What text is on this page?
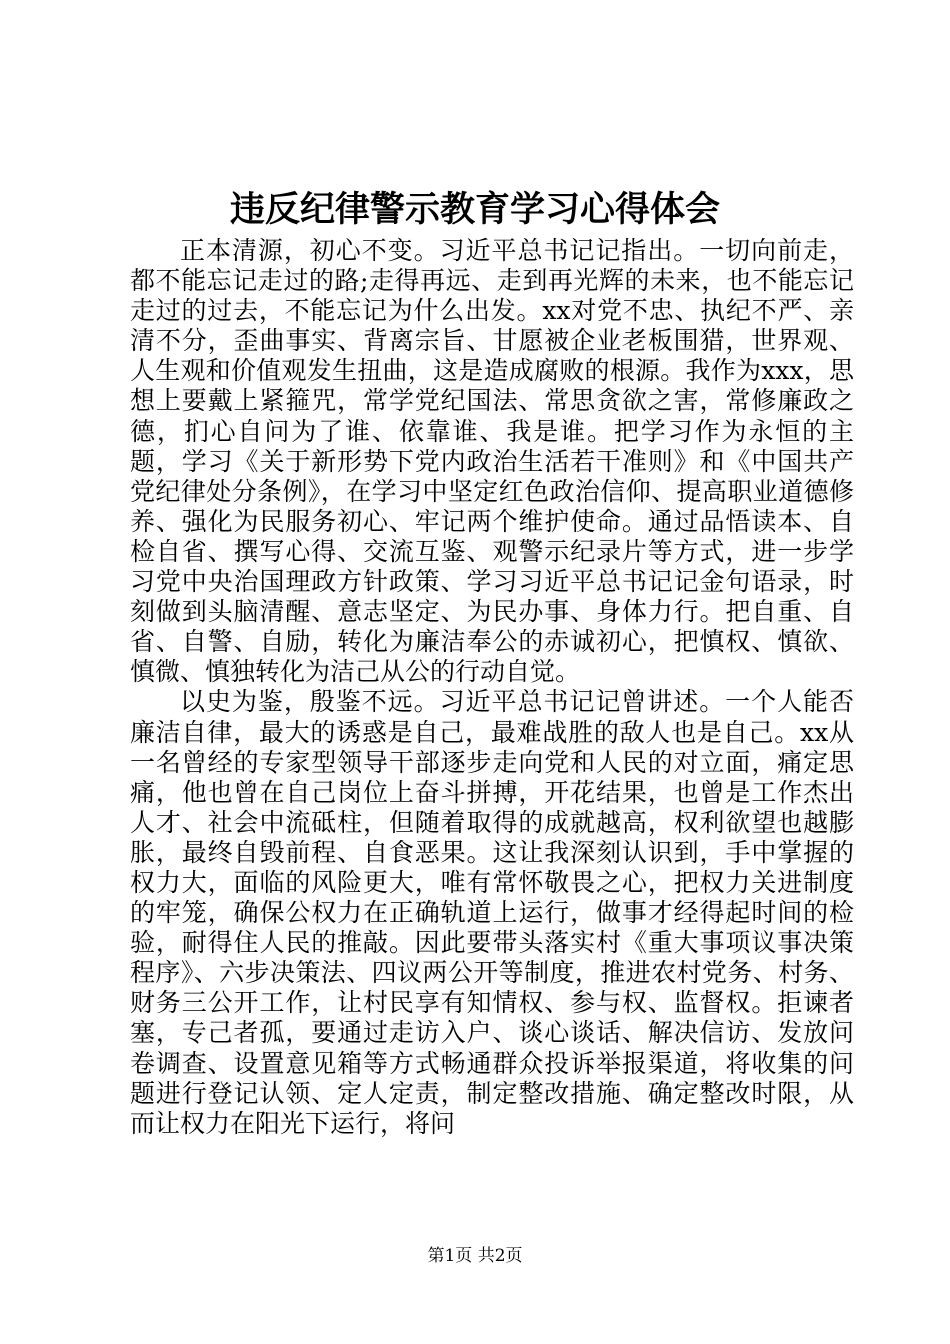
违反纪律警示教育学习心得体会

正本清源，初心不变。习近平总书记记指出。一切向前走，都不能忘记走过的路;走得再远、走到再光辉的未来，也不能忘记走过的过去，不能忘记为什么出发。xx对党不忠、执纪不严、亲清不分，歪曲事实、背离宗旨、甘愿被企业老板围猎，世界观、人生观和价值观发生扭曲，这是造成腐败的根源。我作为xxx，思想上要戴上紧箍咒，常学党纪国法、常思贪欲之害，常修廉政之德，扪心自问为了谁、依靠谁、我是谁。把学习作为永恒的主题，学习《关于新形势下党内政治生活若干准则》和《中国共产党纪律处分条例》，在学习中坚定红色政治信仰、提高职业道德修养、强化为民服务初心、牢记两个维护使命。通过品悟读本、自检自省、撰写心得、交流互鉴、观警示纪录片等方式，进一步学习党中央治国理政方针政策、学习习近平总书记记金句语录，时刻做到头脑清醒、意志坚定、为民办事、身体力行。把自重、自省、自警、自励，转化为廉洁奉公的赤诚初心，把慎权、慎欲、慎微、慎独转化为洁己从公的行动自觉。

以史为鉴，殷鉴不远。习近平总书记记曾讲述。一个人能否廉洁自律，最大的诱惑是自己，最难战胜的敌人也是自己。xx从一名曾经的专家型领导干部逐步走向党和人民的对立面，痛定思痛，他也曾在自己岗位上奋斗拼搏，开花结果，也曾是工作杰出人才、社会中流砥柱，但随着取得的成就越高，权利欲望也越膨胀，最终自毁前程、自食恶果。这让我深刻认识到，手中掌握的权力大，面临的风险更大，唯有常怀敬畏之心，把权力关进制度的牢笼，确保公权力在正确轨道上运行，做事才经得起时间的检验，耐得住人民的推敲。因此要带头落实村《重大事项议事决策程序》、六步决策法、四议两公开等制度，推进农村党务、村务、财务三公开工作，让村民享有知情权、参与权、监督权。拒谏者塞，专己者孤，要通过走访入户、谈心谈话、解决信访、发放问卷调查、设置意见箱等方式畅通群众投诉举报渠道，将收集的问题进行登记认领、定人定责，制定整改措施、确定整改时限，从而让权力在阳光下运行，将问

第1页 共2页
